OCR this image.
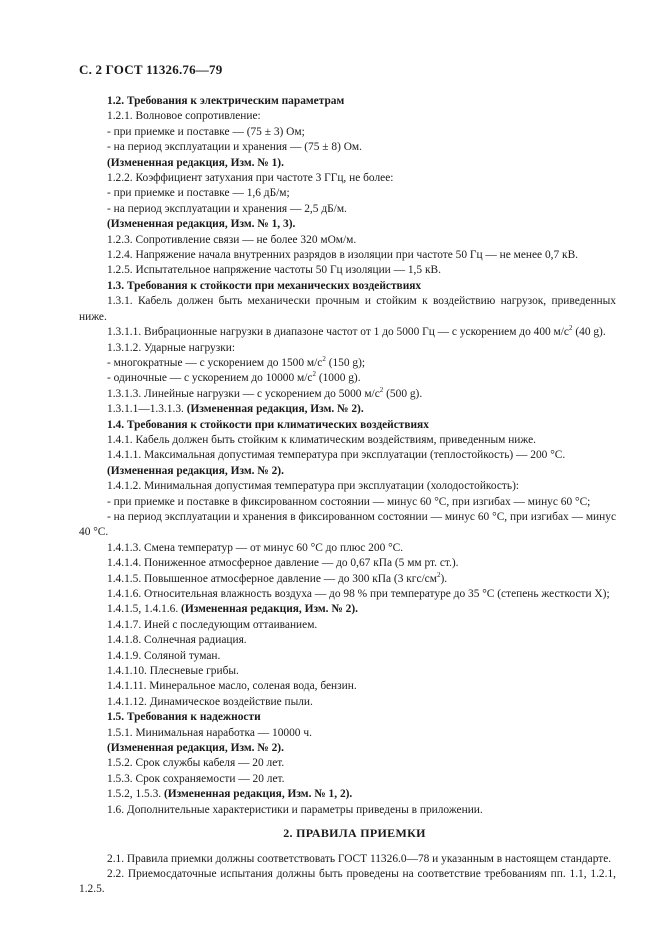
С. 2 ГОСТ 11326.76—79
1.2. Требования к электрическим параметрам
1.2.1. Волновое сопротивление:
- при приемке и поставке — (75 ± 3) Ом;
- на период эксплуатации и хранения — (75 ± 8) Ом.
(Измененная редакция, Изм. № 1).
1.2.2. Коэффициент затухания при частоте 3 ГГц, не более:
- при приемке и поставке — 1,6 дБ/м;
- на период эксплуатации и хранения — 2,5 дБ/м.
(Измененная редакция, Изм. № 1, 3).
1.2.3. Сопротивление связи — не более 320 мОм/м.
1.2.4. Напряжение начала внутренних разрядов в изоляции при частоте 50 Гц — не менее 0,7 кВ.
1.2.5. Испытательное напряжение частоты 50 Гц изоляции — 1,5 кВ.
1.3. Требования к стойкости при механических воздействиях
1.3.1. Кабель должен быть механически прочным и стойким к воздействию нагрузок, приведенных ниже.
1.3.1.1. Вибрационные нагрузки в диапазоне частот от 1 до 5000 Гц — с ускорением до 400 $м/с^2$ (40 g).
1.3.1.2. Ударные нагрузки:
- многократные — с ускорением до 1500 $м/с^2$ (150 g);
- одиночные — с ускорением до 10000 $м/с^2$ (1000 g).
1.3.1.3. Линейные нагрузки — с ускорением до 5000 $м/с^2$ (500 g).
1.3.1.1—1.3.1.3. (Измененная редакция, Изм. № 2).
1.4. Требования к стойкости при климатических воздействиях
1.4.1. Кабель должен быть стойким к климатическим воздействиям, приведенным ниже.
1.4.1.1. Максимальная допустимая температура при эксплуатации (теплостойкость) — 200 °С.
(Измененная редакция, Изм. № 2).
1.4.1.2. Минимальная допустимая температура при эксплуатации (холодостойкость):
- при приемке и поставке в фиксированном состоянии — минус 60 °С, при изгибах — минус 60 °С;
- на период эксплуатации и хранения в фиксированном состоянии — минус 60 °С, при изгибах — минус 40 °С.
1.4.1.3. Смена температур — от минус 60 °С до плюс 200 °С.
1.4.1.4. Пониженное атмосферное давление — до 0,67 кПа (5 мм рт. ст.).
1.4.1.5. Повышенное атмосферное давление — до 300 кПа (3 кгс/$см^2$).
1.4.1.6. Относительная влажность воздуха — до 98 % при температуре до 35 °С (степень жесткости Х);
1.4.1.5, 1.4.1.6. (Измененная редакция, Изм. № 2).
1.4.1.7. Иней с последующим оттаиванием.
1.4.1.8. Солнечная радиация.
1.4.1.9. Соляной туман.
1.4.1.10. Плесневые грибы.
1.4.1.11. Минеральное масло, соленая вода, бензин.
1.4.1.12. Динамическое воздействие пыли.
1.5. Требования к надежности
1.5.1. Минимальная наработка — 10000 ч.
(Измененная редакция, Изм. № 2).
1.5.2. Срок службы кабеля — 20 лет.
1.5.3. Срок сохраняемости — 20 лет.
1.5.2, 1.5.3. (Измененная редакция, Изм. № 1, 2).
1.6. Дополнительные характеристики и параметры приведены в приложении.
2. ПРАВИЛА ПРИЕМКИ
2.1. Правила приемки должны соответствовать ГОСТ 11326.0—78 и указанным в настоящем стандарте.
2.2. Приемосдаточные испытания должны быть проведены на соответствие требованиям пп. 1.1, 1.2.1, 1.2.5.
